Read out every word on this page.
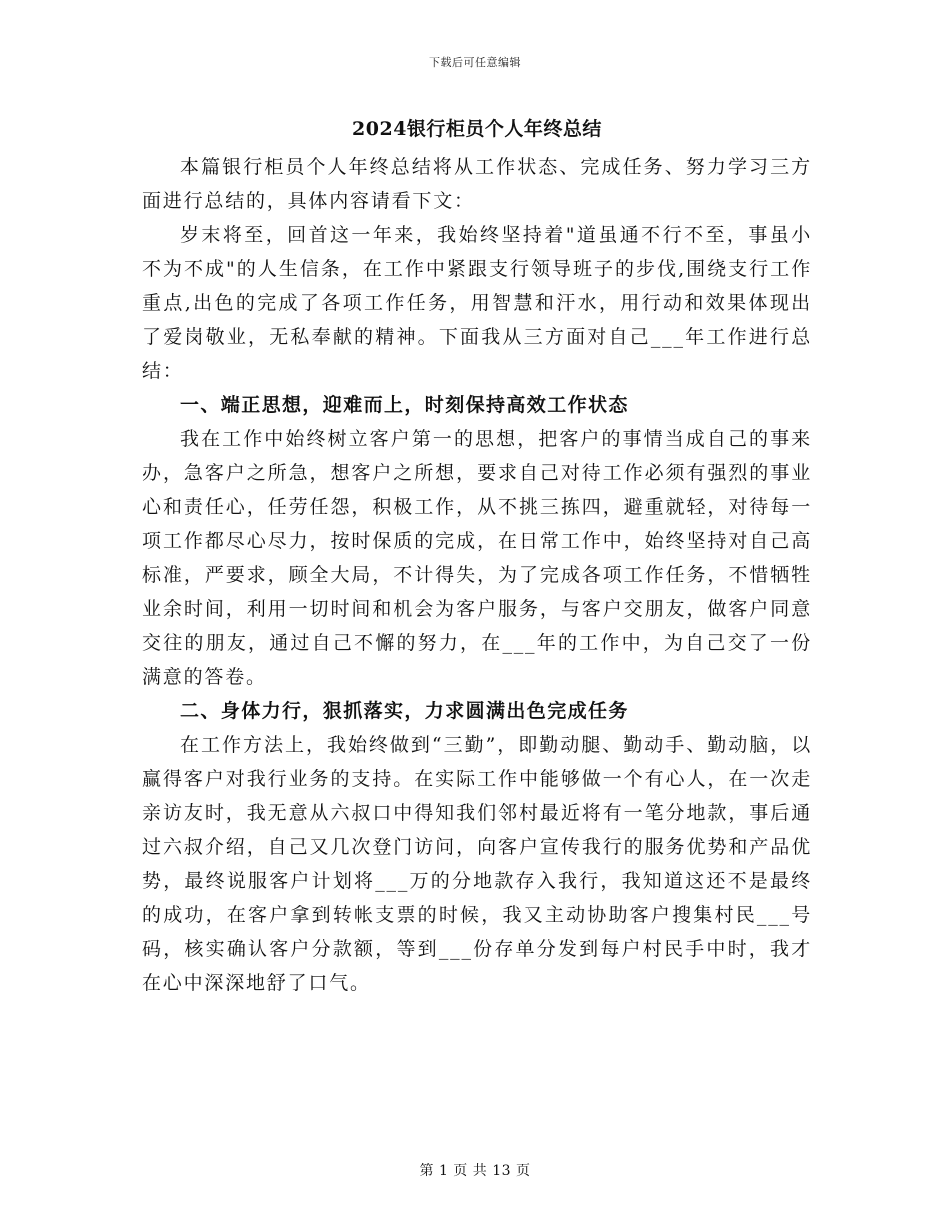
下载后可任意编辑
2024银行柜员个人年终总结

本篇银行柜员个人年终总结将从工作状态、完成任务、努力学习三方面进行总结的，具体内容请看下文：

岁末将至，回首这一年来，我始终坚持着"道虽通不行不至，事虽小不为不成"的人生信条，在工作中紧跟支行领导班子的步伐,围绕支行工作重点,出色的完成了各项工作任务，用智慧和汗水，用行动和效果体现出了爱岗敬业，无私奉献的精神。下面我从三方面对自己___年工作进行总结：

一、端正思想，迎难而上，时刻保持高效工作状态

我在工作中始终树立客户第一的思想，把客户的事情当成自己的事来办，急客户之所急，想客户之所想，要求自己对待工作必须有强烈的事业心和责任心，任劳任怨，积极工作，从不挑三拣四，避重就轻，对待每一项工作都尽心尽力，按时保质的完成，在日常工作中，始终坚持对自己高标准，严要求，顾全大局，不计得失，为了完成各项工作任务，不惜牺牲业余时间，利用一切时间和机会为客户服务，与客户交朋友，做客户同意交往的朋友，通过自己不懈的努力，在___年的工作中，为自己交了一份满意的答卷。

二、身体力行，狠抓落实，力求圆满出色完成任务

在工作方法上，我始终做到“三勤”，即勤动腿、勤动手、勤动脑，以赢得客户对我行业务的支持。在实际工作中能够做一个有心人，在一次走亲访友时，我无意从六叔口中得知我们邻村最近将有一笔分地款，事后通过六叔介绍，自己又几次登门访问，向客户宣传我行的服务优势和产品优势，最终说服客户计划将___万的分地款存入我行，我知道这还不是最终的成功，在客户拿到转帐支票的时候，我又主动协助客户搜集村民___号码，核实确认客户分款额，等到___份存单分发到每户村民手中时，我才在心中深深地舒了口气。

第 1 页 共 13 页
